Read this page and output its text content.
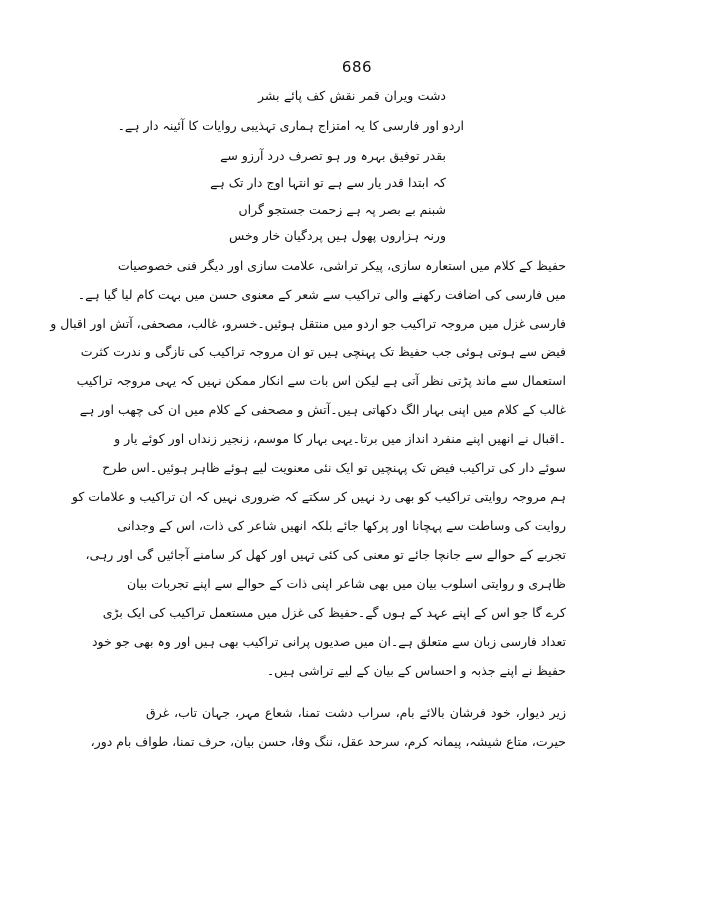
686
دشت ویران قمر نقش کف پائے بشر
اردو اور فارسی کا یہ امتزاج ہماری تہذیبی روایات کا آئینہ دار ہے۔
بقدر توفیق بہرہ ور ہو تصرف درد آرزو سے
کہ ابتدا قدر یار سے ہے تو انتہا اوج دار تک ہے
شبنم بے بصر پہ ہے زحمت جستجو گراں
ورنہ ہزاروں پھول ہیں پردگیان خار وخس
حفیظ کے کلام میں استعارہ سازی، پیکر تراشی، علامت سازی اور دیگر فنی خصوصیات
میں فارسی کی اضافت رکھنے والی تراکیب سے شعر کے معنوی حسن میں بہت کام لیا گیا ہے۔
فارسی غزل میں مروجہ تراکیب جو اردو میں منتقل ہوئیں۔خسرو، غالب، مصحفی، آتش اور اقبال و
فیض سے ہوتی ہوئی جب حفیظ تک پہنچی ہیں تو ان مروجہ تراکیب کی تازگی و ندرت کثرت
استعمال سے ماند پڑتی نظر آتی ہے لیکن اس بات سے انکار ممکن نہیں کہ یہی مروجہ تراکیب
غالب کے کلام میں اپنی بہار الگ دکھاتی ہیں۔آتش و مصحفی کے کلام میں ان کی چھب اور ہے
۔اقبال نے انھیں اپنے منفرد انداز میں برتا۔یہی بہار کا موسم، زنجیر زنداں اور کوئے یار و
سوئے دار کی تراکیب فیض تک پہنچیں تو ایک نئی معنویت لیے ہوئے ظاہر ہوئیں۔اس طرح
ہم مروجہ روایتی تراکیب کو بھی رد نہیں کر سکتے کہ ضروری نہیں کہ ان تراکیب و علامات کو
روایت کی وساطت سے پہچانا اور پرکھا جائے بلکہ انھیں شاعر کی ذات، اس کے وجدانی
تجربے کے حوالے سے جانچا جائے تو معنی کی کئی تہیں اور کھل کر سامنے آجائیں گی اور رہی،
ظاہری و روایتی اسلوب بیان میں بھی شاعر اپنی ذات کے حوالے سے اپنے تجربات بیان
کرے گا جو اس کے اپنے عہد کے ہوں گے۔حفیظ کی غزل میں مستعمل تراکیب کی ایک بڑی
تعداد فارسی زبان سے متعلق ہے۔ان میں صدیوں پرانی تراکیب بھی ہیں اور وہ بھی جو خود
حفیظ نے اپنے جذبہ و احساس کے بیان کے لیے تراشی ہیں۔
زیر دیوار، خود فرشان بالائے بام، سراب دشت تمنا، شعاع مہر، جہان تاب، غرق
حیرت، متاع شیشہ، پیمانہ کرم، سرحد عقل، ننگ وفا، حسن بیان، حرف تمنا، طواف بام دور،
